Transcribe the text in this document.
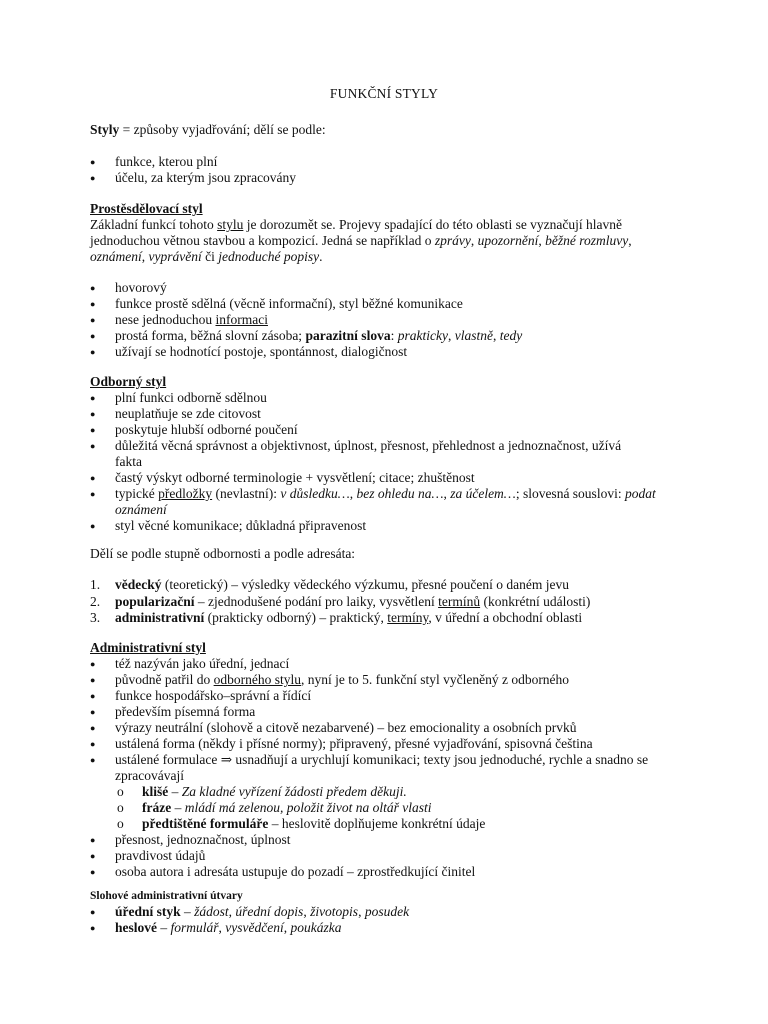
FUNKČNÍ STYLY

Styly = způsoby vyjadřování; dělí se podle:

● funkce, kterou plní
● účelu, za kterým jsou zpracovány
Prostěsdělovací styl

Základní funkcí tohoto stylu je dorozumět se. Projevy spadající do této oblasti se vyznačují hlavně jednoduchou větnou stavbou a kompozicí. Jedná se například o zprávy, upozornění, běžné rozmluvy, oznámení, vyprávění či jednoduché popisy.

● hovorový
● funkce prostě sdělná (věcně informační), styl běžné komunikace
● nese jednoduchou informaci
● prostá forma, běžná slovní zásoba; parazitní slova: prakticky, vlastně, tedy
● užívají se hodnotící postoje, spontánnost, dialogičnost
Odborný styl
● plní funkci odborně sdělnou
● neuplatňuje se zde citovost
● poskytuje hlubší odborné poučení
● důležitá věcná správnost a objektivnost, úplnost, přesnost, přehlednost a jednoznačnost, užívá fakta
● častý výskyt odborné terminologie + vysvětlení; citace; zhuštěnost
● typické předložky (nevlastní): v důsledku…, bez ohledu na…, za účelem…; slovesná souslovi: podat oznámení
● styl věcné komunikace; důkladná připravenost
Dělí se podle stupně odbornosti a podle adresáta:
1. vědecký (teoretický) – výsledky vědeckého výzkumu, přesné poučení o daném jevu
2. popularizační – zjednodušené podání pro laiky, vysvětlení termínů (konkrétní události)
3. administrativní (prakticky odborný) – praktický, termíny, v úřední a obchodní oblasti
Administrativní styl
● též nazýván jako úřední, jednací
● původně patřil do odborného stylu, nyní je to 5. funkční styl vyčleněný z odborného
● funkce hospodářsko–správní a řídící
● především písemná forma
● výrazy neutrální (slohově a citově nezabarvené) – bez emocionality a osobních prvků
● ustálená forma (někdy i přísné normy); připravený, přesné vyjadřování, spisovná čeština
● ustálené formulace ⇒ usnadňují a urychlují komunikaci; texty jsou jednoduché, rychle a snadno se zpracovávají
o klišé – Za kladné vyřízení žádosti předem děkuji.
o fráze – mládí má zelenou, položit život na oltář vlasti
o předtištěné formuláře – heslovitě doplňujeme konkrétní údaje
● přesnost, jednoznačnost, úplnost
● pravdivost údajů
● osoba autora i adresáta ustupuje do pozadí – zprostředkující činitel
Slohové administrativní útvary
● úřední styk – žádost, úřední dopis, životopis, posudek
● heslové – formulář, vysvědčení, poukázka
